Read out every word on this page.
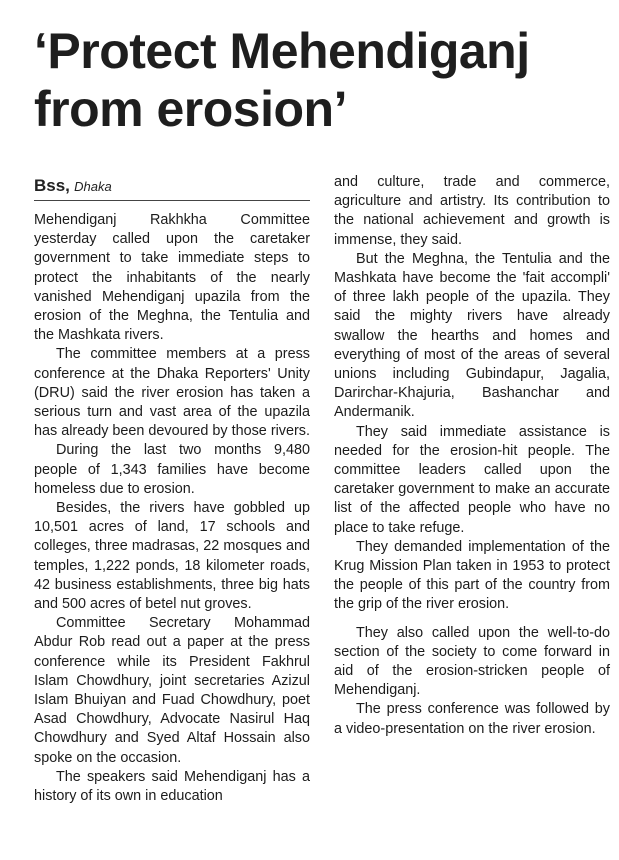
‘Protect Mehendiganj
from erosion’
Bss, Dhaka

Mehendiganj Rakhkha Committee yesterday called upon the caretaker government to take immediate steps to protect the inhabitants of the nearly vanished Mehendiganj upazila from the erosion of the Meghna, the Tentulia and the Mashkata rivers.

The committee members at a press conference at the Dhaka Reporters' Unity (DRU) said the river erosion has taken a serious turn and vast area of the upazila has already been devoured by those rivers.

During the last two months 9,480 people of 1,343 families have become homeless due to erosion.

Besides, the rivers have gobbled up 10,501 acres of land, 17 schools and colleges, three madrasas, 22 mosques and temples, 1,222 ponds, 18 kilometer roads, 42 business establishments, three big hats and 500 acres of betel nut groves.

Committee Secretary Mohammad Abdur Rob read out a paper at the press conference while its President Fakhrul Islam Chowdhury, joint secretaries Azizul Islam Bhuiyan and Fuad Chowdhury, poet Asad Chowdhury, Advocate Nasirul Haq Chowdhury and Syed Altaf Hossain also spoke on the occasion.

The speakers said Mehendiganj has a history of its own in education

and culture, trade and commerce, agriculture and artistry. Its contribution to the national achievement and growth is immense, they said.

But the Meghna, the Tentulia and the Mashkata have become the 'fait accompli' of three lakh people of the upazila. They said the mighty rivers have already swallow the hearths and homes and everything of most of the areas of several unions including Gubindapur, Jagalia, Darirchar-Khajuria, Bashanchar and Andermanik.

They said immediate assistance is needed for the erosion-hit people. The committee leaders called upon the caretaker government to make an accurate list of the affected people who have no place to take refuge.

They demanded implementation of the Krug Mission Plan taken in 1953 to protect the people of this part of the country from the grip of the river erosion.

They also called upon the well-to-do section of the society to come forward in aid of the erosion-stricken people of Mehendiganj.

The press conference was followed by a video-presentation on the river erosion.
